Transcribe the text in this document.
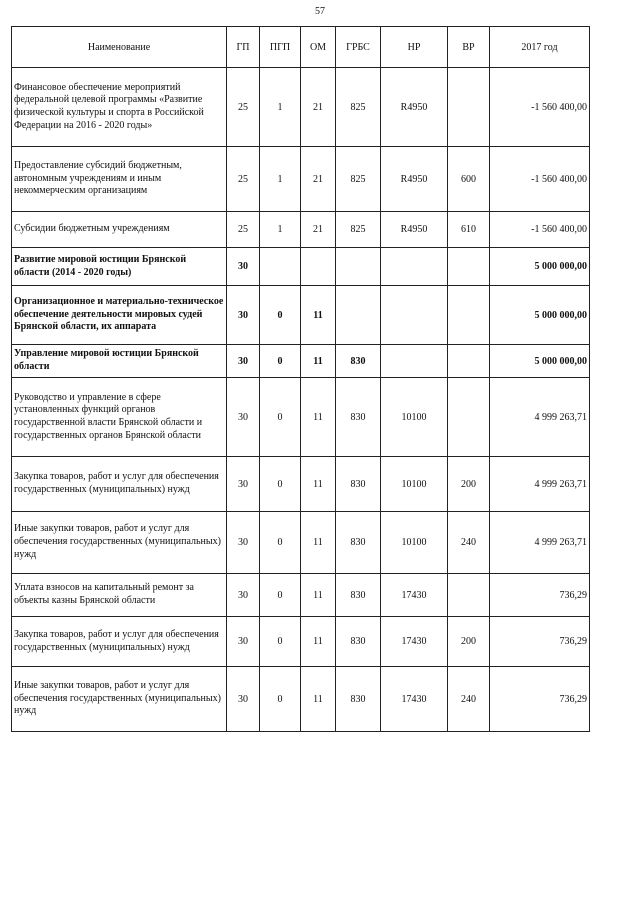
57
Наименование	ГП	ПГП	ОМ	ГРБС	НР	ВР	2017 год
Финансовое обеспечение мероприятий федеральной целевой программы «Развитие физической культуры и спорта в Российской Федерации на 2016 - 2020 годы»	25	1	21	825	R4950		-1 560 400,00
Предоставление субсидий бюджетным, автономным учреждениям и иным некоммерческим организациям	25	1	21	825	R4950	600	-1 560 400,00
Субсидии бюджетным учреждениям	25	1	21	825	R4950	610	-1 560 400,00
Развитие мировой юстиции Брянской области (2014 - 2020 годы)	30						5 000 000,00
Организационное и материально-техническое обеспечение деятельности мировых судей Брянской области, их аппарата	30	0	11				5 000 000,00
Управление мировой юстиции Брянской области	30	0	11	830			5 000 000,00
Руководство и управление в сфере установленных функций органов государственной власти Брянской области и государственных органов Брянской области	30	0	11	830	10100		4 999 263,71
Закупка товаров, работ и услуг для обеспечения государственных (муниципальных) нужд	30	0	11	830	10100	200	4 999 263,71
Иные закупки товаров, работ и услуг для обеспечения государственных (муниципальных) нужд	30	0	11	830	10100	240	4 999 263,71
Уплата взносов на капитальный ремонт за объекты казны Брянской области	30	0	11	830	17430		736,29
Закупка товаров, работ и услуг для обеспечения государственных (муниципальных) нужд	30	0	11	830	17430	200	736,29
Иные закупки товаров, работ и услуг для обеспечения государственных (муниципальных) нужд	30	0	11	830	17430	240	736,29
